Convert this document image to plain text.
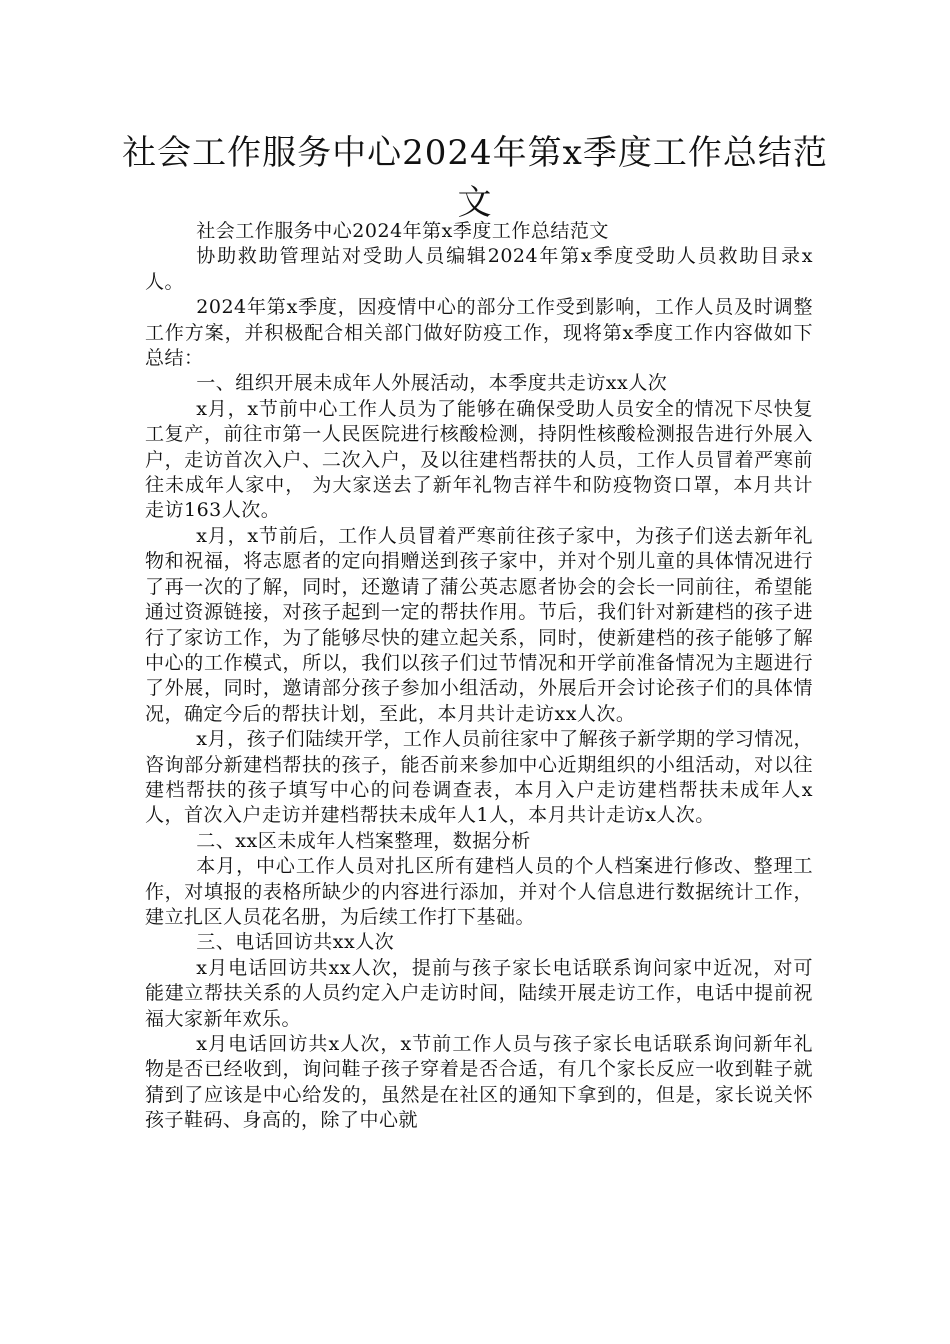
社会工作服务中心2024年第x季度工作总结范文

社会工作服务中心2024年第x季度工作总结范文

协助救助管理站对受助人员编辑2024年第x季度受助人员救助目录x人。

2024年第x季度，因疫情中心的部分工作受到影响，工作人员及时调整工作方案，并积极配合相关部门做好防疫工作，现将第x季度工作内容做如下总结：

一、组织开展未成年人外展活动，本季度共走访xx人次

x月，x节前中心工作人员为了能够在确保受助人员安全的情况下尽快复工复产，前往市第一人民医院进行核酸检测，持阴性核酸检测报告进行外展入户，走访首次入户、二次入户，及以往建档帮扶的人员，工作人员冒着严寒前往未成年人家中， 为大家送去了新年礼物吉祥牛和防疫物资口罩，本月共计走访163人次。

x月，x节前后，工作人员冒着严寒前往孩子家中，为孩子们送去新年礼物和祝福，将志愿者的定向捐赠送到孩子家中，并对个别儿童的具体情况进行了再一次的了解，同时，还邀请了蒲公英志愿者协会的会长一同前往，希望能通过资源链接，对孩子起到一定的帮扶作用。节后，我们针对新建档的孩子进行了家访工作，为了能够尽快的建立起关系，同时，使新建档的孩子能够了解中心的工作模式，所以，我们以孩子们过节情况和开学前准备情况为主题进行了外展，同时，邀请部分孩子参加小组活动，外展后开会讨论孩子们的具体情况，确定今后的帮扶计划，至此，本月共计走访xx人次。

x月，孩子们陆续开学，工作人员前往家中了解孩子新学期的学习情况，咨询部分新建档帮扶的孩子，能否前来参加中心近期组织的小组活动，对以往建档帮扶的孩子填写中心的问卷调查表，本月入户走访建档帮扶未成年人x人，首次入户走访并建档帮扶未成年人1人，本月共计走访x人次。

二、xx区未成年人档案整理，数据分析

本月，中心工作人员对扎区所有建档人员的个人档案进行修改、整理工作，对填报的表格所缺少的内容进行添加，并对个人信息进行数据统计工作，建立扎区人员花名册，为后续工作打下基础。

三、电话回访共xx人次

x月电话回访共xx人次，提前与孩子家长电话联系询问家中近况，对可能建立帮扶关系的人员约定入户走访时间，陆续开展走访工作，电话中提前祝福大家新年欢乐。

x月电话回访共x人次，x节前工作人员与孩子家长电话联系询问新年礼物是否已经收到，询问鞋子孩子穿着是否合适，有几个家长反应一收到鞋子就猜到了应该是中心给发的，虽然是在社区的通知下拿到的，但是，家长说关怀孩子鞋码、身高的，除了中心就
